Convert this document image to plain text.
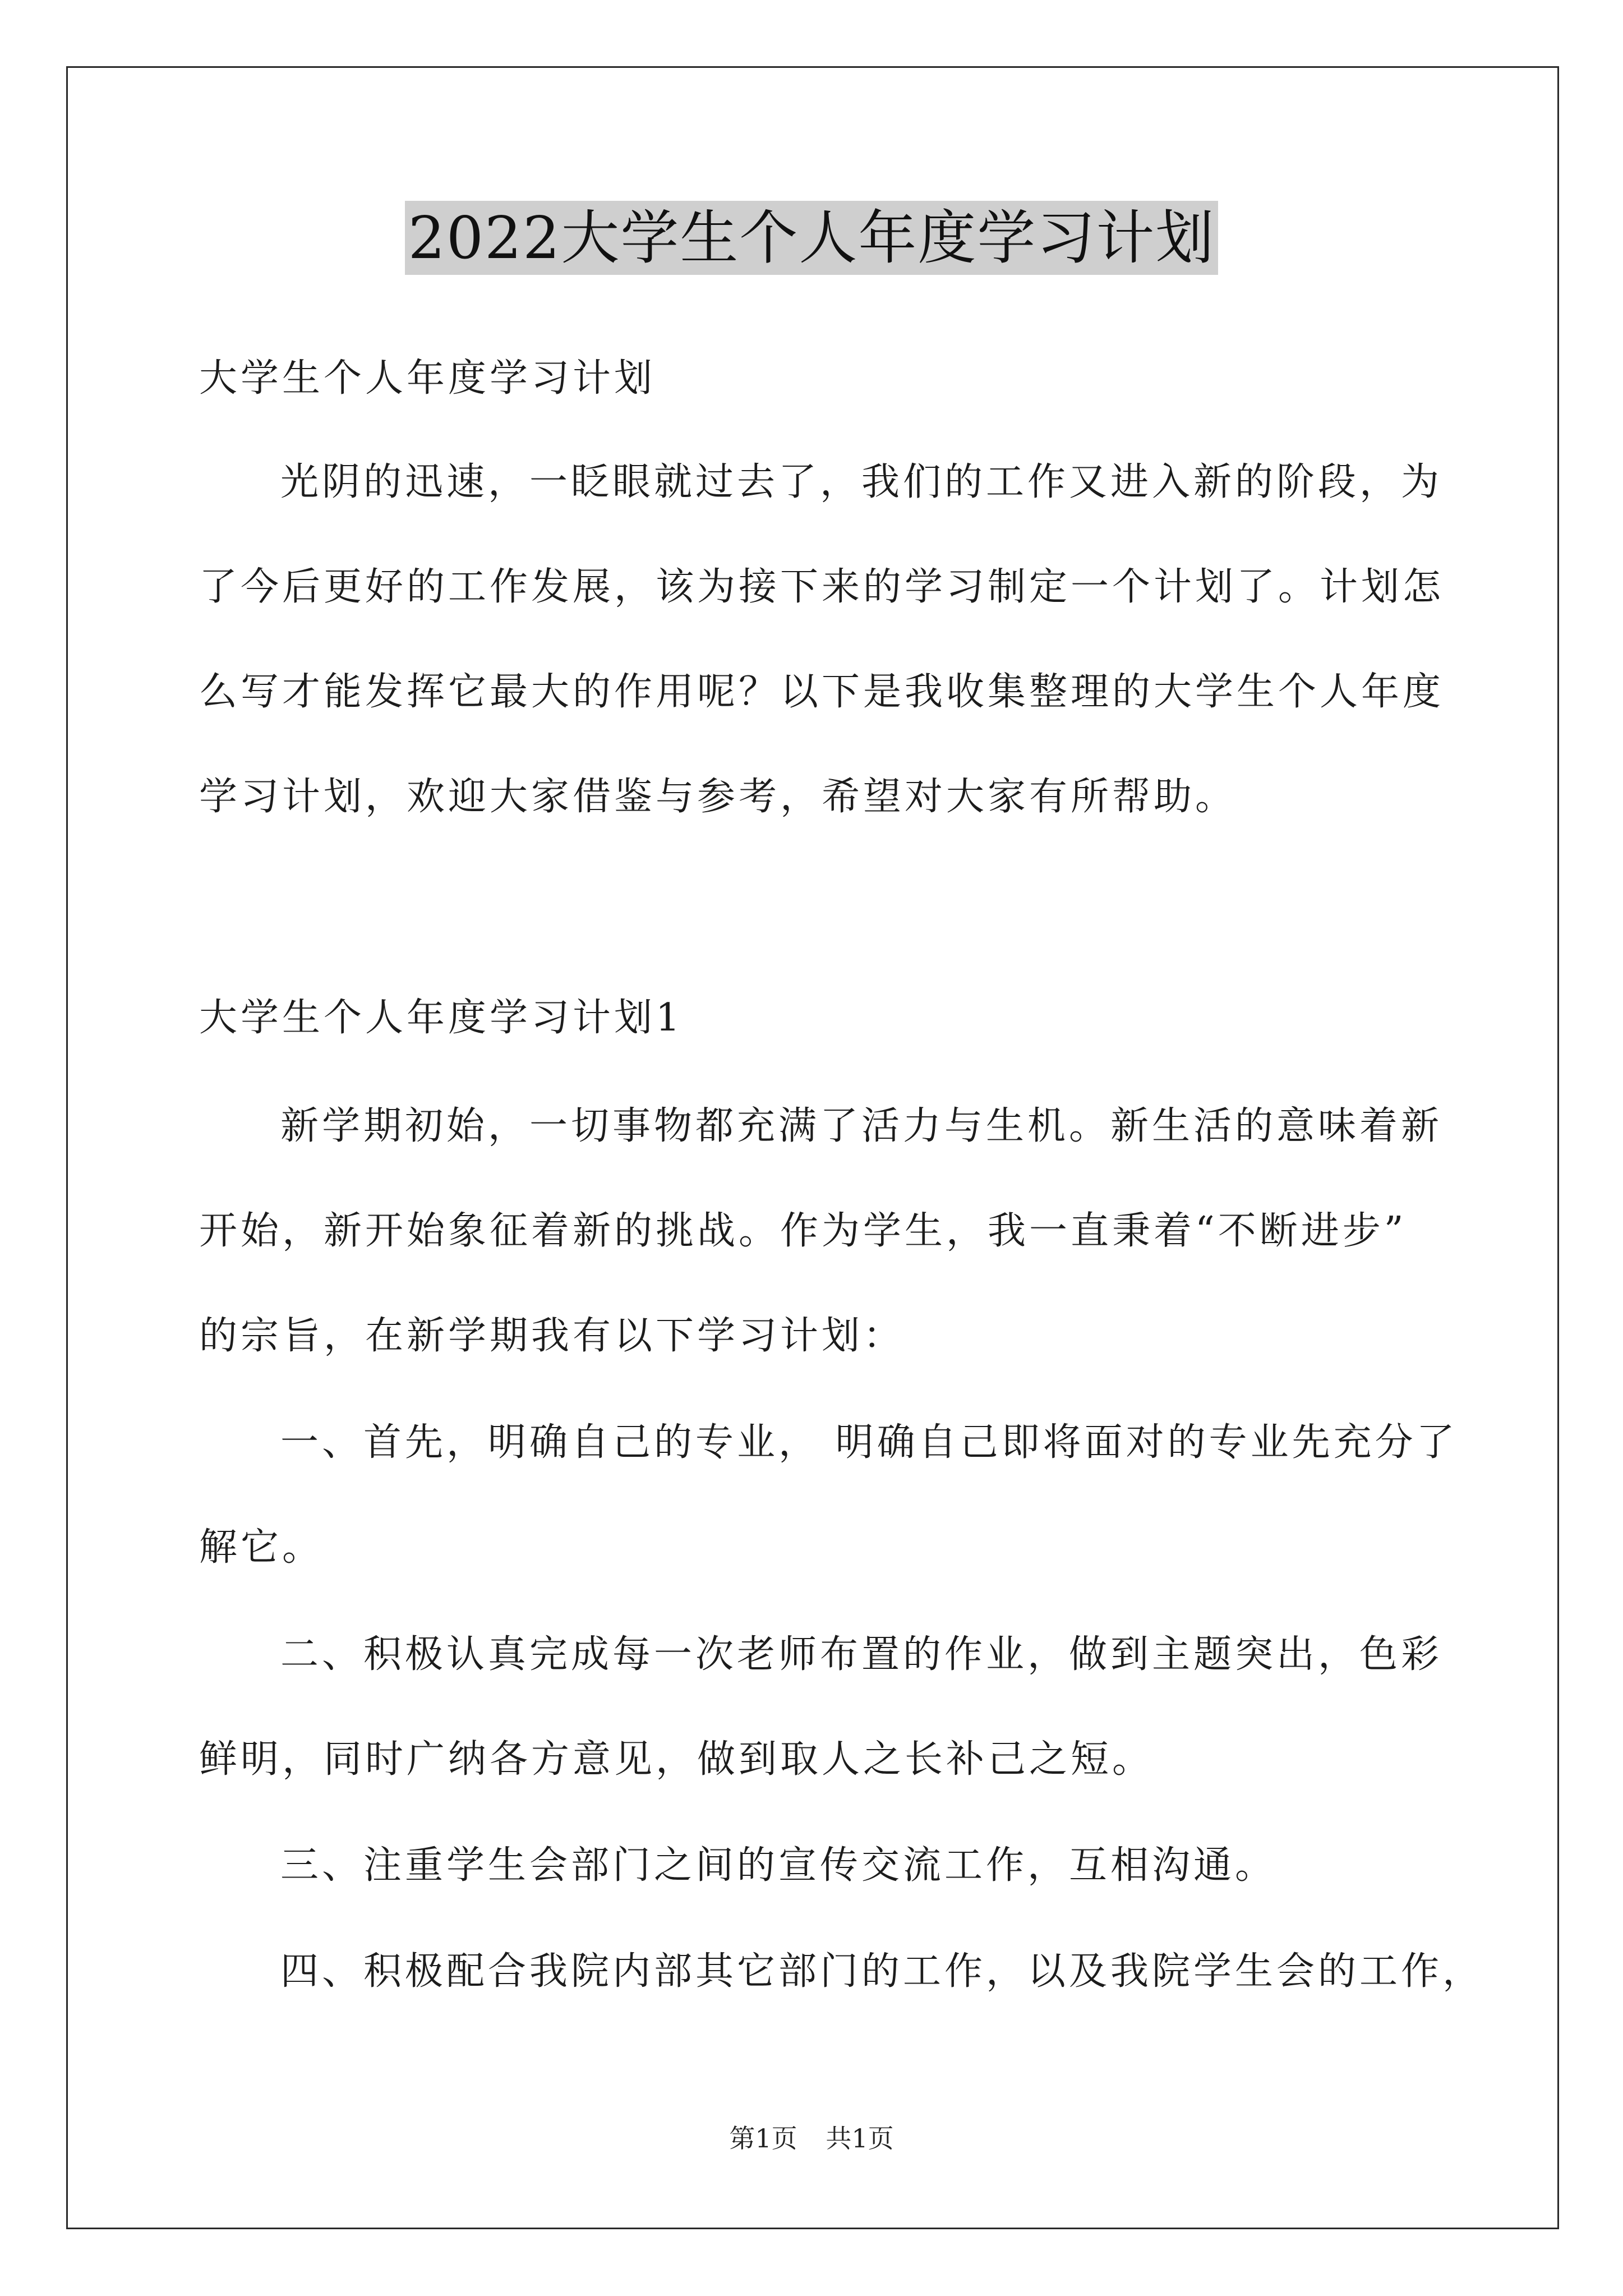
2022大学生个人年度学习计划
大学生个人年度学习计划
光阴的迅速，一眨眼就过去了，我们的工作又进入新的阶段，为
了今后更好的工作发展，该为接下来的学习制定一个计划了。计划怎
么写才能发挥它最大的作用呢？以下是我收集整理的大学生个人年度
学习计划，欢迎大家借鉴与参考，希望对大家有所帮助。
大学生个人年度学习计划1
新学期初始，一切事物都充满了活力与生机。新生活的意味着新
开始，新开始象征着新的挑战。作为学生，我一直秉着“不断进步”
的宗旨，在新学期我有以下学习计划：
一、首先，明确自己的专业， 明确自己即将面对的专业先充分了
解它。
二、积极认真完成每一次老师布置的作业，做到主题突出，色彩
鲜明，同时广纳各方意见，做到取人之长补己之短。
三、注重学生会部门之间的宣传交流工作，互相沟通。
四、积极配合我院内部其它部门的工作，以及我院学生会的工作，
第1页 共1页
